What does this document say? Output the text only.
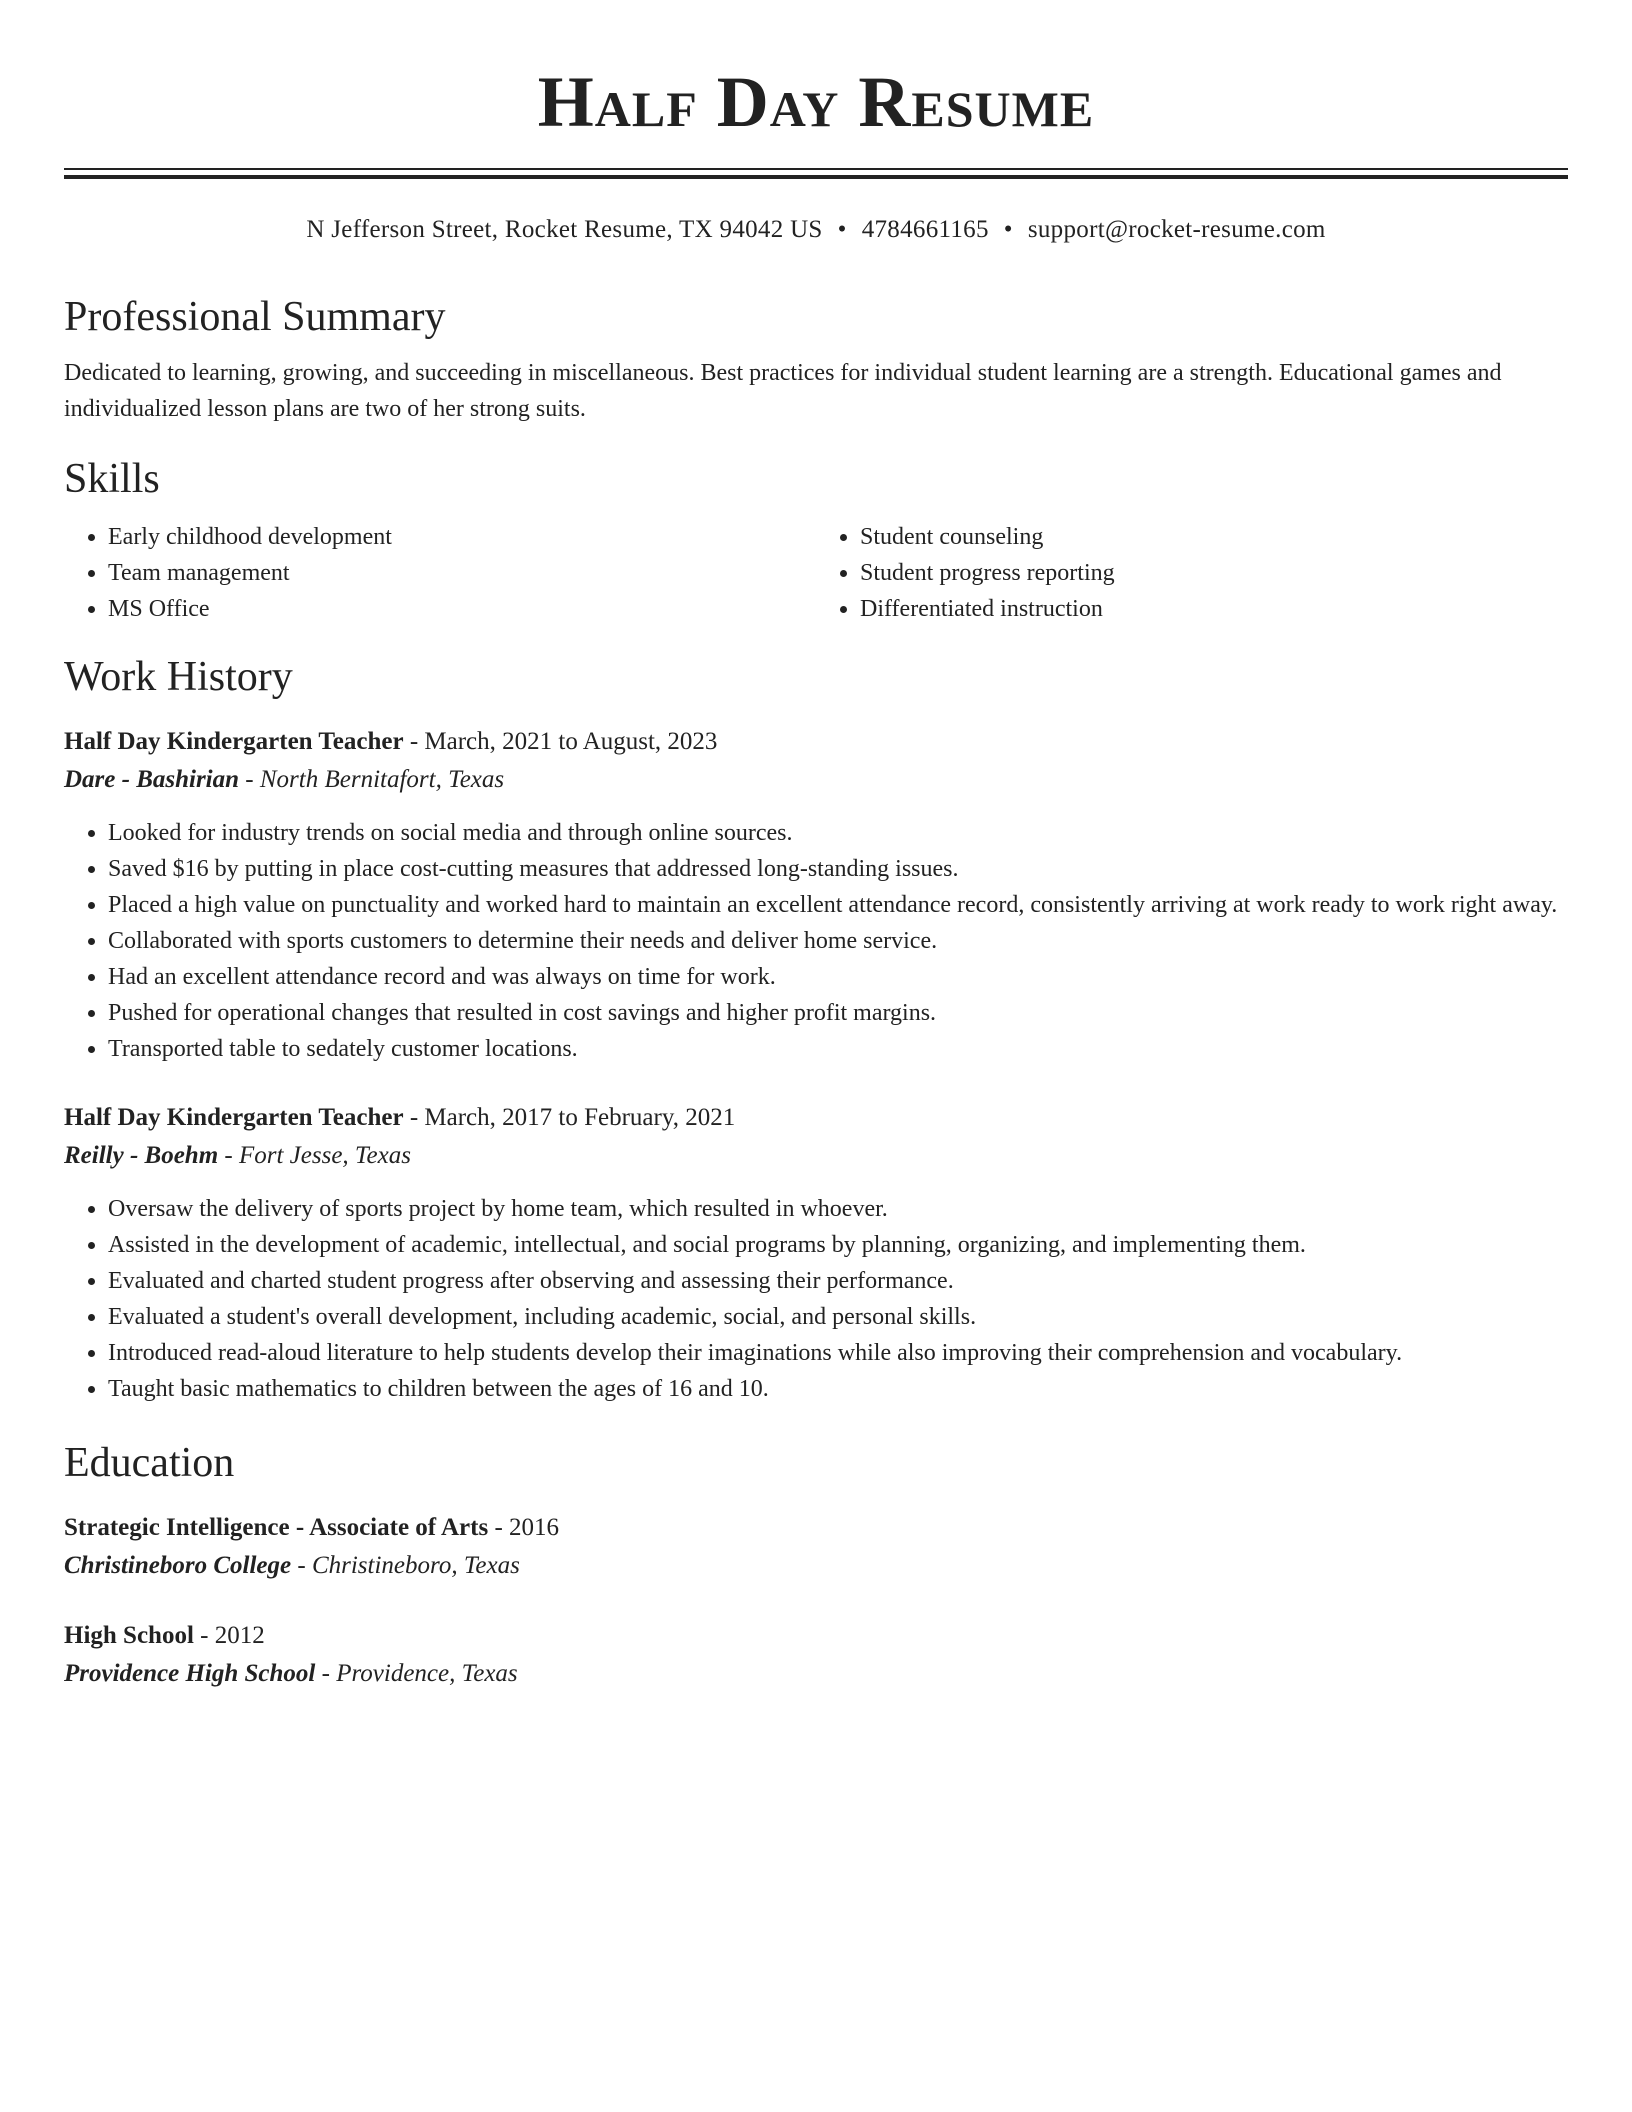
Half Day Resume
N Jefferson Street, Rocket Resume, TX 94042 US • 4784661165 • support@rocket-resume.com
Professional Summary

Dedicated to learning, growing, and succeeding in miscellaneous. Best practices for individual student learning are a strength. Educational games and individualized lesson plans are two of her strong suits.

Skills
• Early childhood development
• Team management
• MS Office
• Student counseling
• Student progress reporting
• Differentiated instruction
Work History
Half Day Kindergarten Teacher - March, 2021 to August, 2023
Dare - Bashirian - North Bernitafort, Texas
• Looked for industry trends on social media and through online sources.
• Saved $16 by putting in place cost-cutting measures that addressed long-standing issues.
• Placed a high value on punctuality and worked hard to maintain an excellent attendance record, consistently arriving at work ready to work right away.
• Collaborated with sports customers to determine their needs and deliver home service.
• Had an excellent attendance record and was always on time for work.
• Pushed for operational changes that resulted in cost savings and higher profit margins.
• Transported table to sedately customer locations.
Half Day Kindergarten Teacher - March, 2017 to February, 2021
Reilly - Boehm - Fort Jesse, Texas
• Oversaw the delivery of sports project by home team, which resulted in whoever.
• Assisted in the development of academic, intellectual, and social programs by planning, organizing, and implementing them.
• Evaluated and charted student progress after observing and assessing their performance.
• Evaluated a student's overall development, including academic, social, and personal skills.
• Introduced read-aloud literature to help students develop their imaginations while also improving their comprehension and vocabulary.
• Taught basic mathematics to children between the ages of 16 and 10.
Education
Strategic Intelligence - Associate of Arts - 2016
Christineboro College - Christineboro, Texas
High School - 2012
Providence High School - Providence, Texas
